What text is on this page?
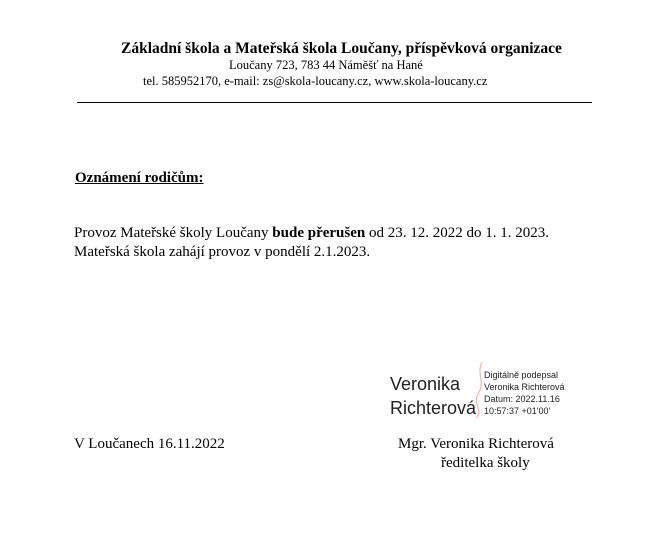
Základní škola a Mateřská škola Loučany, příspěvková organizace
Loučany 723, 783 44 Náměšť na Hané
tel. 585952170, e-mail: zs@skola-loucany.cz, www.skola-loucany.cz
Oznámení rodičům:
Provoz Mateřské školy Loučany bude přerušen od 23. 12. 2022 do 1. 1. 2023.
Mateřská škola zahájí provoz v pondělí 2.1.2023.
Veronika
Richterová
Digitálně podepsal
Veronika Richterová
Datum: 2022.11.16
10:57:37 +01'00'
V Loučanech 16.11.2022	Mgr. Veronika Richterová
ředitelka školy
